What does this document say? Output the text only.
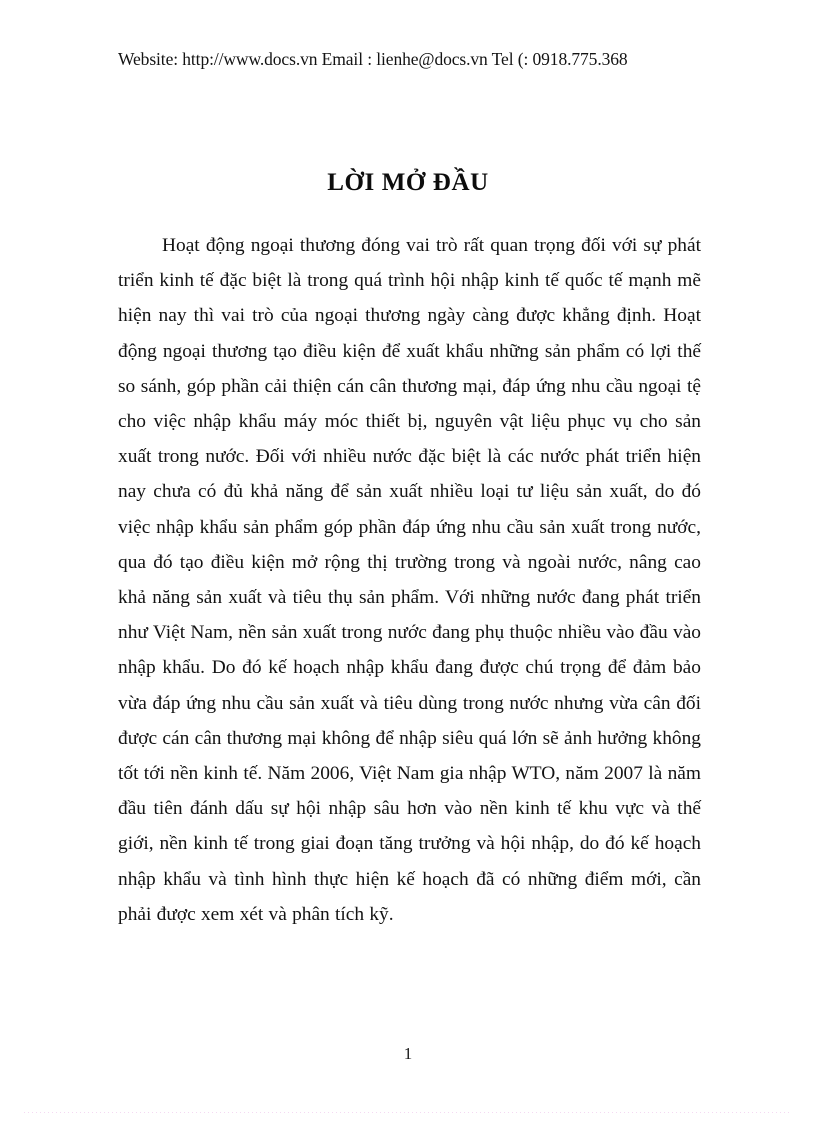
Website: http://www.docs.vn Email : lienhe@docs.vn Tel (: 0918.775.368
LỜI MỞ ĐẦU

Hoạt động ngoại thương đóng vai trò rất quan trọng đối với sự phát triển kinh tế đặc biệt là trong quá trình hội nhập kinh tế quốc tế mạnh mẽ hiện nay thì vai trò của ngoại thương ngày càng được khẳng định. Hoạt động ngoại thương tạo điều kiện để xuất khẩu những sản phẩm có lợi thế so sánh, góp phần cải thiện cán cân thương mại, đáp ứng nhu cầu ngoại tệ cho việc nhập khẩu máy móc thiết bị, nguyên vật liệu phục vụ cho sản xuất trong nước. Đối với nhiều nước đặc biệt là các nước phát triển hiện nay chưa có đủ khả năng để sản xuất nhiều loại tư liệu sản xuất, do đó việc nhập khẩu sản phẩm góp phần đáp ứng nhu cầu sản xuất trong nước, qua đó tạo điều kiện mở rộng thị trường trong và ngoài nước, nâng cao khả năng sản xuất và tiêu thụ sản phẩm. Với những nước đang phát triển như Việt Nam, nền sản xuất trong nước đang phụ thuộc nhiều vào đầu vào nhập khẩu. Do đó kế hoạch nhập khẩu đang được chú trọng để đảm bảo vừa đáp ứng nhu cầu sản xuất và tiêu dùng trong nước nhưng vừa cân đối được cán cân thương mại không để nhập siêu quá lớn sẽ ảnh hưởng không tốt tới nền kinh tế. Năm 2006, Việt Nam gia nhập WTO, năm 2007 là năm đầu tiên đánh dấu sự hội nhập sâu hơn vào nền kinh tế khu vực và thế giới, nền kinh tế trong giai đoạn tăng trưởng và hội nhập, do đó kế hoạch nhập khẩu và tình hình thực hiện kế hoạch đã có những điểm mới, cần phải được xem xét và phân tích kỹ.

1
